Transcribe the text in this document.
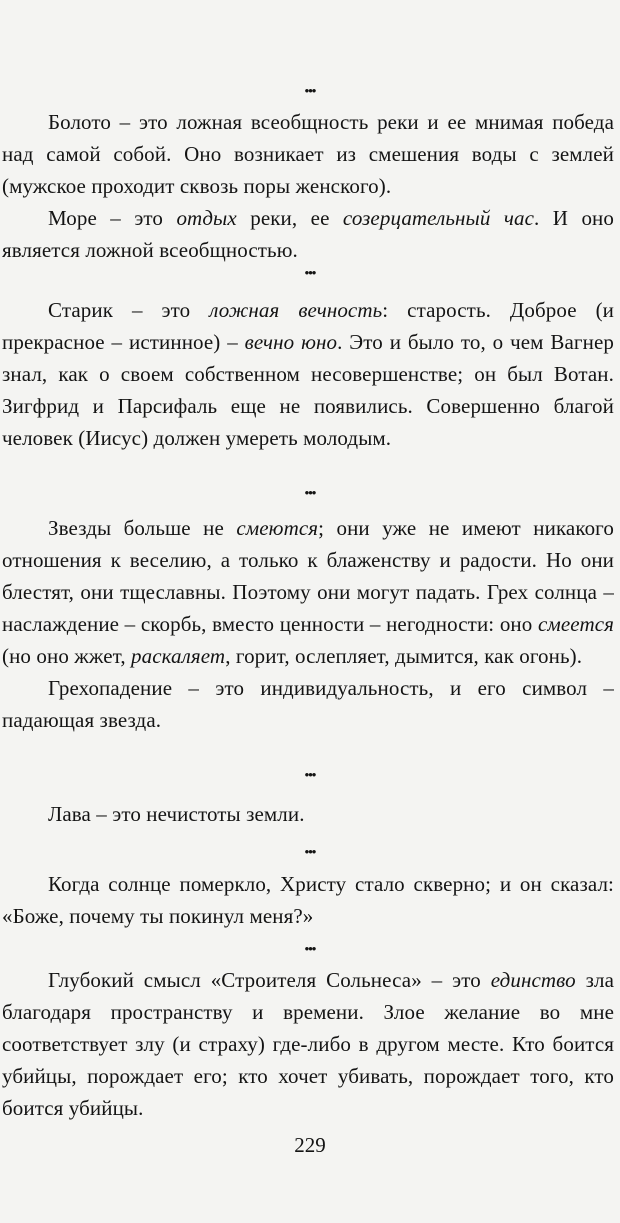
•••

Болото – это ложная всеобщность реки и ее мнимая победа над самой собой. Оно возникает из смешения воды с землей (мужское проходит сквозь поры женского).

Море – это отдых реки, ее созерцательный час. И оно является ложной всеобщностью.

•••

Старик – это ложная вечность: старость. Доброе (и прекрасное – истинное) – вечно юно. Это и было то, о чем Вагнер знал, как о своем собственном несовершенстве; он был Вотан. Зигфрид и Парсифаль еще не появились. Совершенно благой человек (Иисус) должен умереть молодым.

•••

Звезды больше не смеются; они уже не имеют никакого отношения к веселию, а только к блаженству и радости. Но они блестят, они тщеславны. Поэтому они могут падать. Грех солнца – наслаждение – скорбь, вместо ценности – негодности: оно смеется (но оно жжет, раскаляет, горит, ослепляет, дымится, как огонь).

Грехопадение – это индивидуальность, и его символ – падающая звезда.

•••

Лава – это нечистоты земли.

•••

Когда солнце померкло, Христу стало скверно; и он сказал: «Боже, почему ты покинул меня?»

•••

Глубокий смысл «Строителя Сольнеса» – это единство зла благодаря пространству и времени. Злое желание во мне соответствует злу (и страху) где-либо в другом месте. Кто боится убийцы, порождает его; кто хочет убивать, порождает того, кто боится убийцы.

229
